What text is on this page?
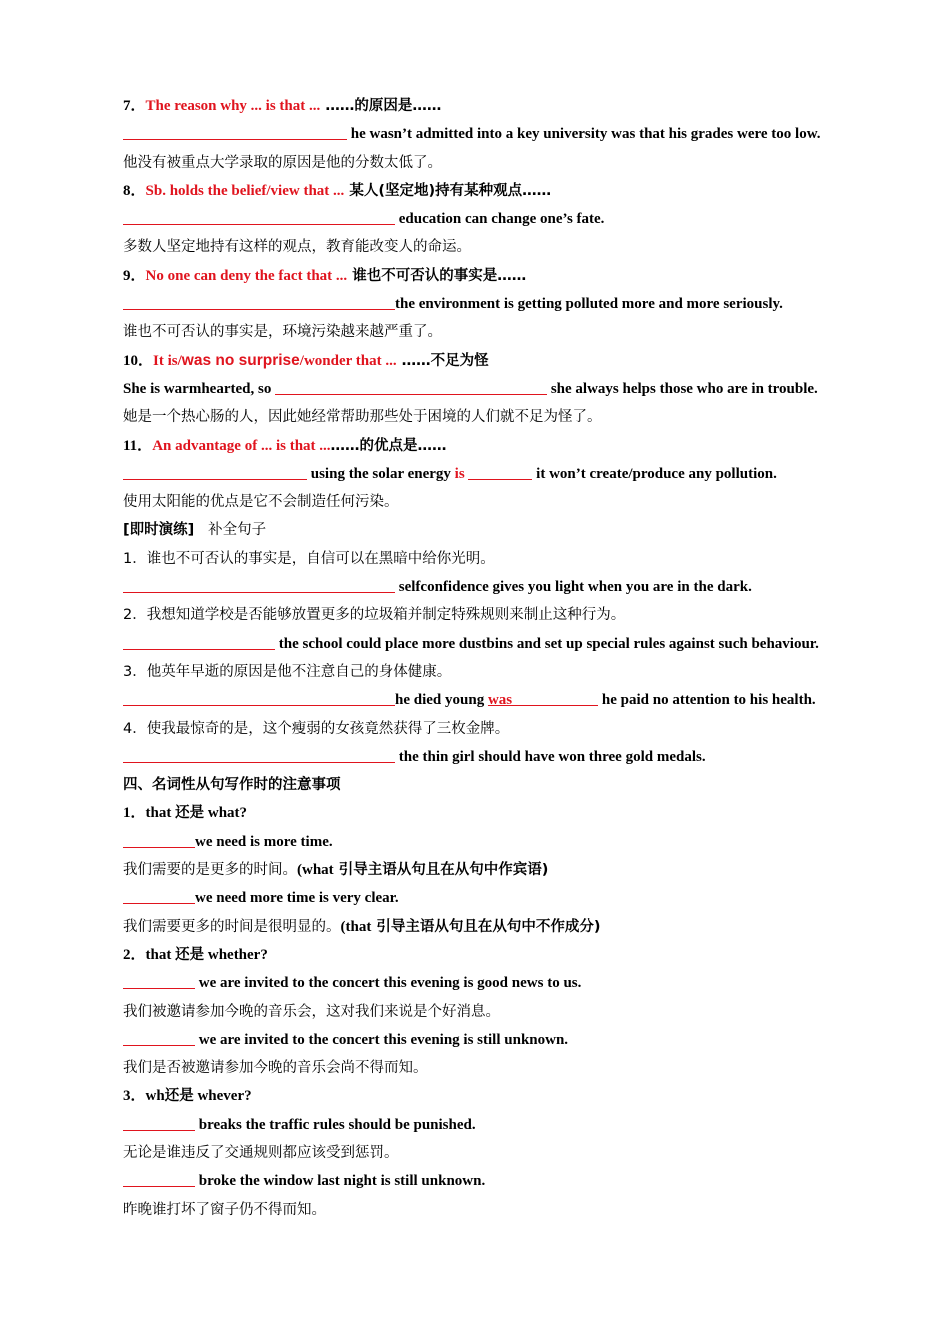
7．The reason why ... is that ... ……的原因是……
he wasn’t admitted into a key university was that his grades were too low.
他没有被重点大学录取的原因是他的分数太低了。
8．Sb. holds the belief/view that ... 某人(坚定地)持有某种观点……
education can change one’s fate.
多数人坚定地持有这样的观点，教育能改变人的命运。
9．No one can deny the fact that ... 谁也不可否认的事实是……
the environment is getting polluted more and more seriously.
谁也不可否认的事实是，环境污染越来越严重了。
10．It is/was no surprise/wonder that ... ……不足为怪
She is warmhearted, so	she always helps those who are in trouble.
她是一个热心肠的人，因此她经常帮助那些处于困境的人们就不足为怪了。
11．An advantage of ... is that ...……的优点是……
using the solar energy is	it won’t create/produce any pollution.
使用太阳能的优点是它不会制造任何污染。
[即时演练] 补全句子
1．谁也不可否认的事实是，自信可以在黑暗中给你光明。
selfconfidence gives you light when you are in the dark.
2．我想知道学校是否能够放置更多的垃圾箱并制定特殊规则来制止这种行为。
the school could place more dustbins and set up special rules against such behaviour.
3．他英年早逝的原因是他不注意自己的身体健康。
he died young was	he paid no attention to his health.
4．使我最惊奇的是，这个瘦弱的女孩竟然获得了三枚金牌。
the thin girl should have won three gold medals.
四、名词性从句写作时的注意事项
1．that 还是 what?
we need is more time.
我们需要的是更多的时间。(what 引导主语从句且在从句中作宾语)
we need more time is very clear.
我们需要更多的时间是很明显的。(that 引导主语从句且在从句中不作成分)
2．that 还是 whether?
we are invited to the concert this evening is good news to us.
我们被邀请参加今晚的音乐会，这对我们来说是个好消息。
we are invited to the concert this evening is still unknown.
我们是否被邀请参加今晚的音乐会尚不得而知。
3．wh还是 whever?
breaks the traffic rules should be punished.
无论是谁违反了交通规则都应该受到惩罚。
broke the window last night is still unknown.
昨晚谁打坏了窗子仍不得而知。
